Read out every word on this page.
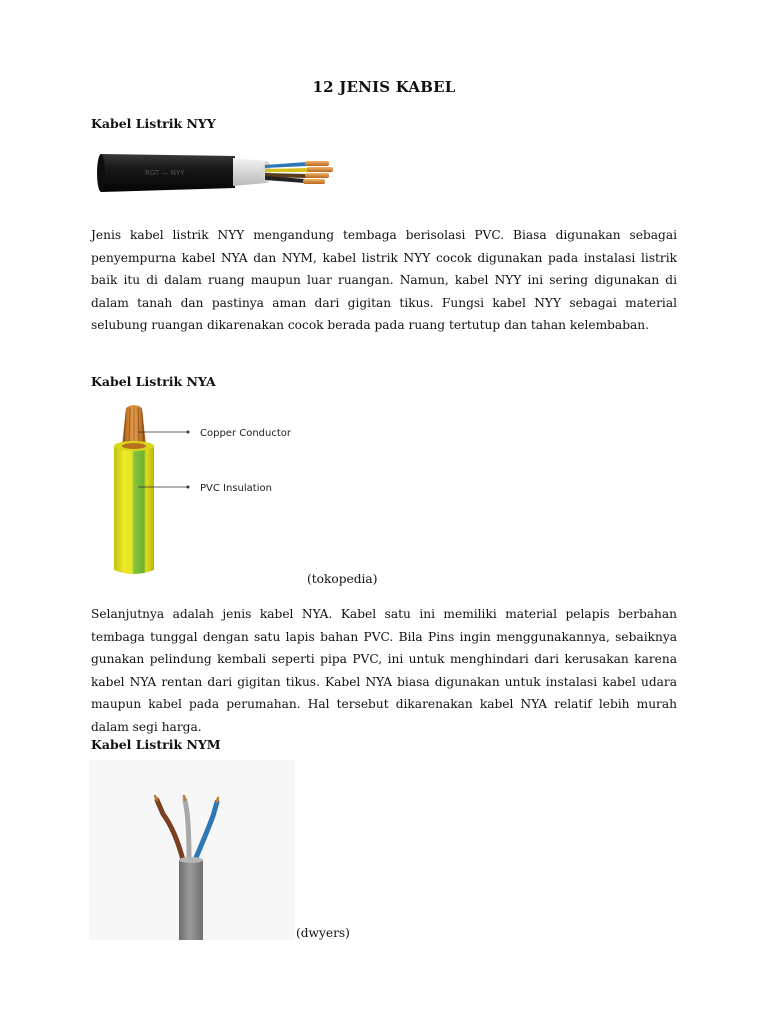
12 JENIS KABEL
Kabel Listrik NYY
RGT — NYY

Jenis kabel listrik NYY mengandung tembaga berisolasi PVC. Biasa digunakan sebagai penyempurna kabel NYA dan NYM, kabel listrik NYY cocok digunakan pada instalasi listrik baik itu di dalam ruang maupun luar ruangan. Namun, kabel NYY ini sering digunakan di dalam tanah dan pastinya aman dari gigitan tikus. Fungsi kabel NYY sebagai material selubung ruangan dikarenakan cocok berada pada ruang tertutup dan tahan kelembaban.

Kabel Listrik NYA
Copper Conductor
PVC Insulation
(tokopedia)

Selanjutnya adalah jenis kabel NYA. Kabel satu ini memiliki material pelapis berbahan tembaga tunggal dengan satu lapis bahan PVC. Bila Pins ingin menggunakannya, sebaiknya gunakan pelindung kembali seperti pipa PVC, ini untuk menghindari dari kerusakan karena kabel NYA rentan dari gigitan tikus. Kabel NYA biasa digunakan untuk instalasi kabel udara maupun kabel pada perumahan. Hal tersebut dikarenakan kabel NYA relatif lebih murah dalam segi harga.

Kabel Listrik NYM
(dwyers)
